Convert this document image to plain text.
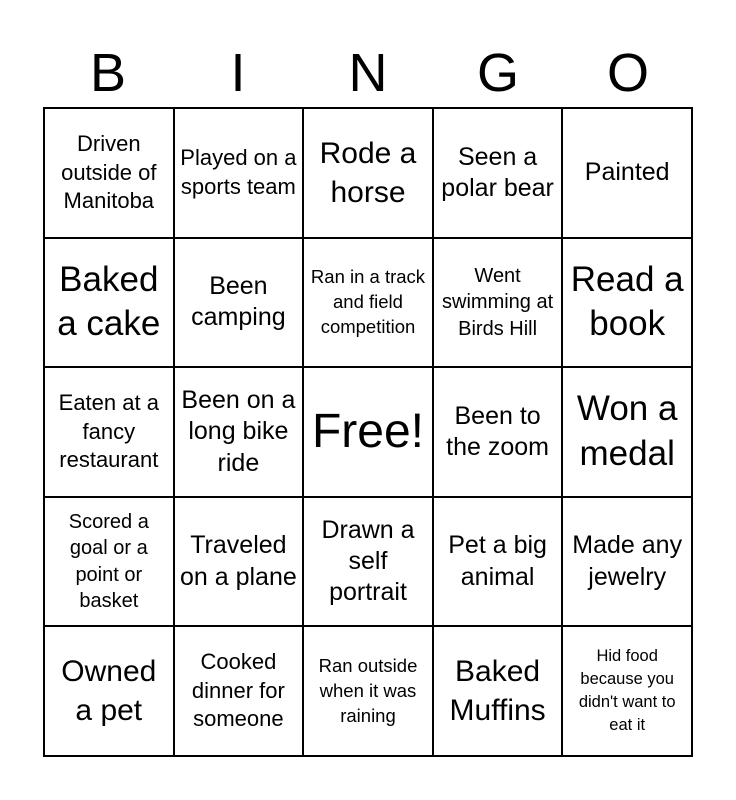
B	I	N	G	O
Driven outside of Manitoba
Played on a sports team
Rode a horse
Seen a polar bear
Painted
Baked a cake
Been camping
Ran in a track and field competition
Went swimming at Birds Hill
Read a book
Eaten at a fancy restaurant
Been on a long bike ride
Free!	Been to the zoom
Won a medal
Scored a goal or a point or basket
Traveled on a plane
Drawn a self portrait
Pet a big animal
Made any jewelry
Owned a pet
Cooked dinner for someone
Ran outside when it was raining
Baked Muffins
Hid food because you didn't want to eat it
